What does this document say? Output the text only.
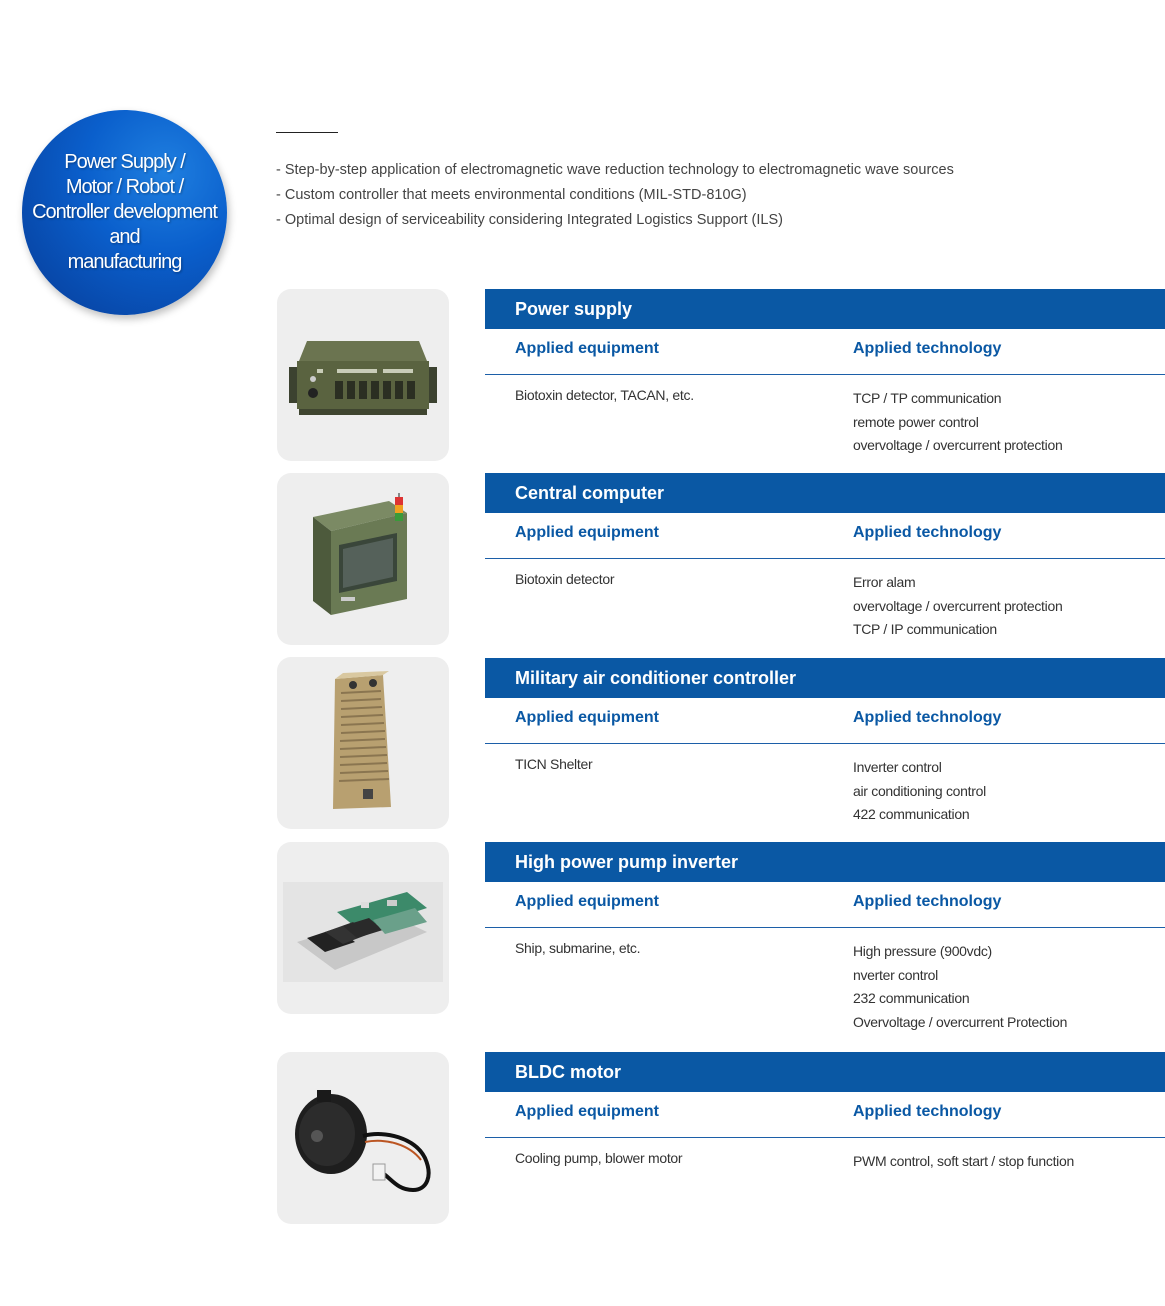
Power Supply /
Motor / Robot /
Controller development
and
manufacturing
- Step-by-step application of electromagnetic wave reduction technology to electromagnetic wave sources
- Custom controller that meets environmental conditions (MIL-STD-810G)
- Optimal design of serviceability considering Integrated Logistics Support (ILS)
Power supply
Applied equipment	Applied technology
Biotoxin detector, TACAN, etc.	TCP / TP communication
remote power control
overvoltage / overcurrent protection
Central computer
Applied equipment	Applied technology
Biotoxin detector	Error alam
overvoltage / overcurrent protection
TCP / IP communication
Military air conditioner controller
Applied equipment	Applied technology
TICN Shelter	Inverter control
air conditioning control
422 communication
High power pump inverter
Applied equipment	Applied technology
Ship, submarine, etc.	High pressure (900vdc)
nverter control
232 communication
Overvoltage / overcurrent Protection
BLDC motor
Applied equipment	Applied technology
Cooling pump, blower motor	PWM control, soft start / stop function
